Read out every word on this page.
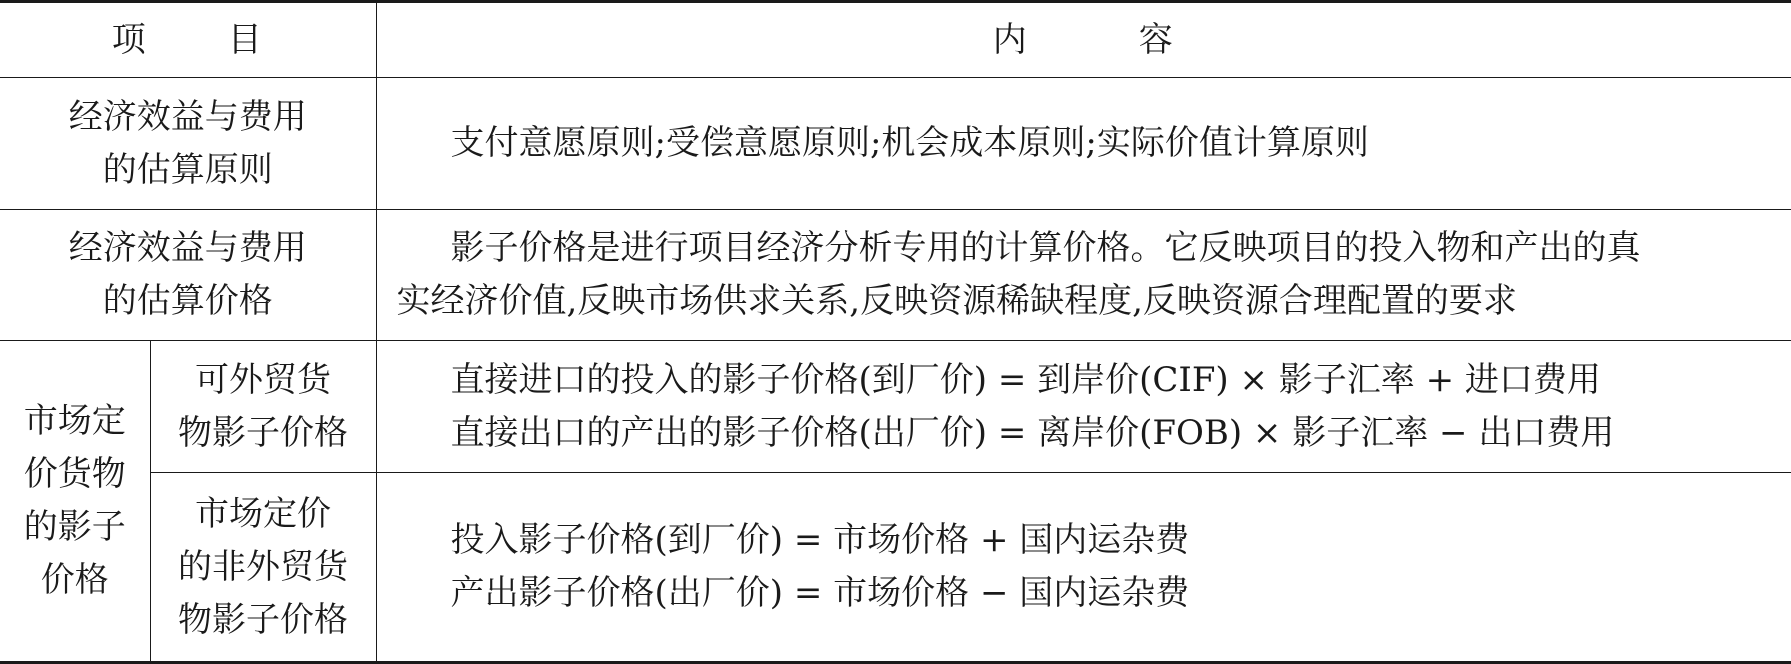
项 目		内 容

经济效益与费用
的估算原则		支付意愿原则;受偿意愿原则;机会成本原则;实际价值计算原则

经济效益与费用
的估算价格		影子价格是进行项目经济分析专用的计算价格。它反映项目的投入物和产出的真
实经济价值,反映市场供求关系,反映资源稀缺程度,反映资源合理配置的要求

市场定
价货物
的影子
价格	可外贸货
物影子价格	直接进口的投入的影子价格(到厂价) = 到岸价(CIF) × 影子汇率 + 进口费用
直接出口的产出的影子价格(出厂价) = 离岸价(FOB) × 影子汇率 − 出口费用

	市场定价
的非外贸货
物影子价格	投入影子价格(到厂价) = 市场价格 + 国内运杂费
产出影子价格(出厂价) = 市场价格 − 国内运杂费
